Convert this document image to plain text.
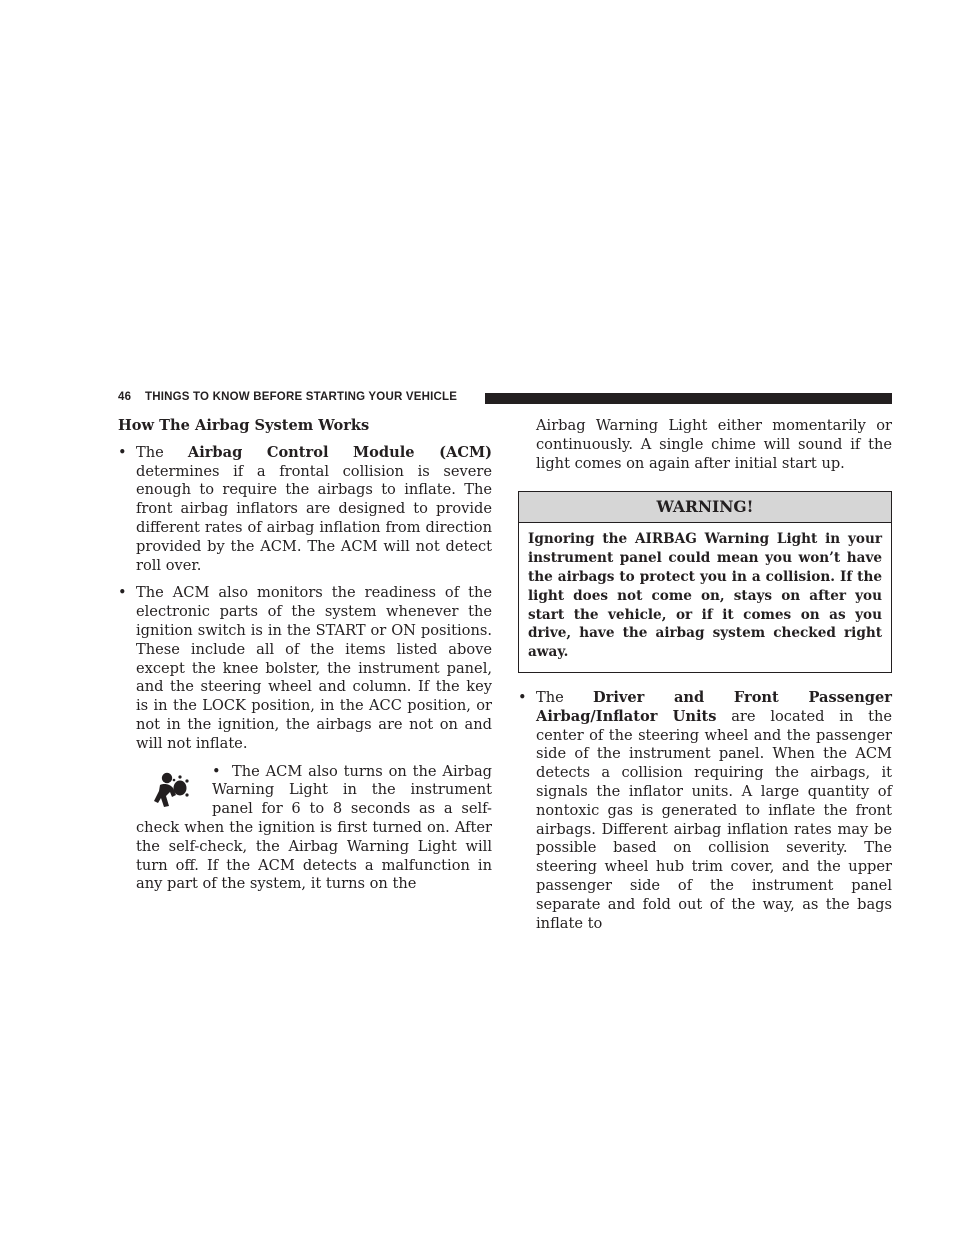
46 THINGS TO KNOW BEFORE STARTING YOUR VEHICLE
How The Airbag System Works
• The Airbag Control Module (ACM) determines if a frontal collision is severe enough to require the airbags to inflate. The front airbag inflators are designed to provide different rates of airbag inflation from direction provided by the ACM. The ACM will not detect roll over.
• The ACM also monitors the readiness of the electronic parts of the system whenever the ignition switch is in the START or ON positions. These include all of the items listed above except the knee bolster, the instrument panel, and the steering wheel and column. If the key is in the LOCK position, in the ACC position, or not in the ignition, the airbags are not on and will not inflate.
• The ACM also turns on the Airbag Warning Light in the instrument panel for 6 to 8 seconds as a self-check when the ignition is first turned on. After the self-check, the Airbag Warning Light will turn off. If the ACM detects a malfunction in any part of the system, it turns on the
Airbag Warning Light either momentarily or continuously. A single chime will sound if the light comes on again after initial start up.
WARNING!
Ignoring the AIRBAG Warning Light in your instrument panel could mean you won’t have the airbags to protect you in a collision. If the light does not come on, stays on after you start the vehicle, or if it comes on as you drive, have the airbag system checked right away.
• The Driver and Front Passenger Airbag/Inflator Units are located in the center of the steering wheel and the passenger side of the instrument panel. When the ACM detects a collision requiring the airbags, it signals the inflator units. A large quantity of nontoxic gas is generated to inflate the front airbags. Different airbag inflation rates may be possible based on collision severity. The steering wheel hub trim cover, and the upper passenger side of the instrument panel separate and fold out of the way, as the bags inflate to
